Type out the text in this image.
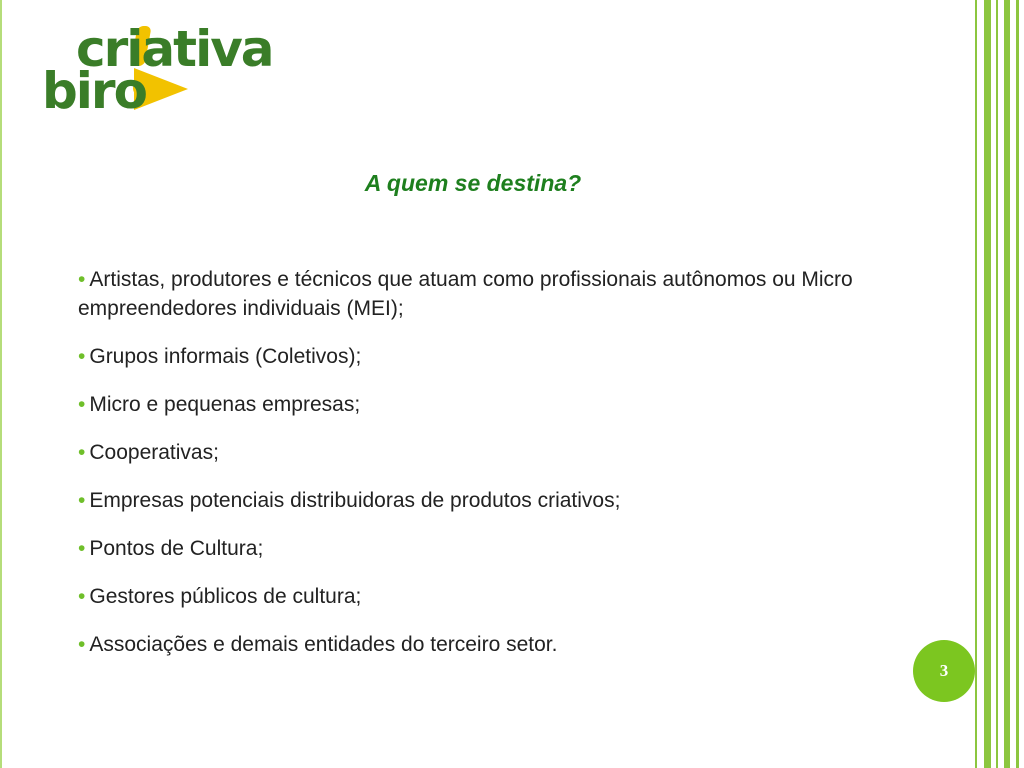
criativa
biro
A quem se destina?
• Artistas, produtores e técnicos que atuam como profissionais autônomos ou Micro empreendedores individuais (MEI);
• Grupos informais (Coletivos);
• Micro e pequenas empresas;
• Cooperativas;
• Empresas potenciais distribuidoras de produtos criativos;
• Pontos de Cultura;
• Gestores públicos de cultura;
• Associações e demais entidades do terceiro setor.
3
